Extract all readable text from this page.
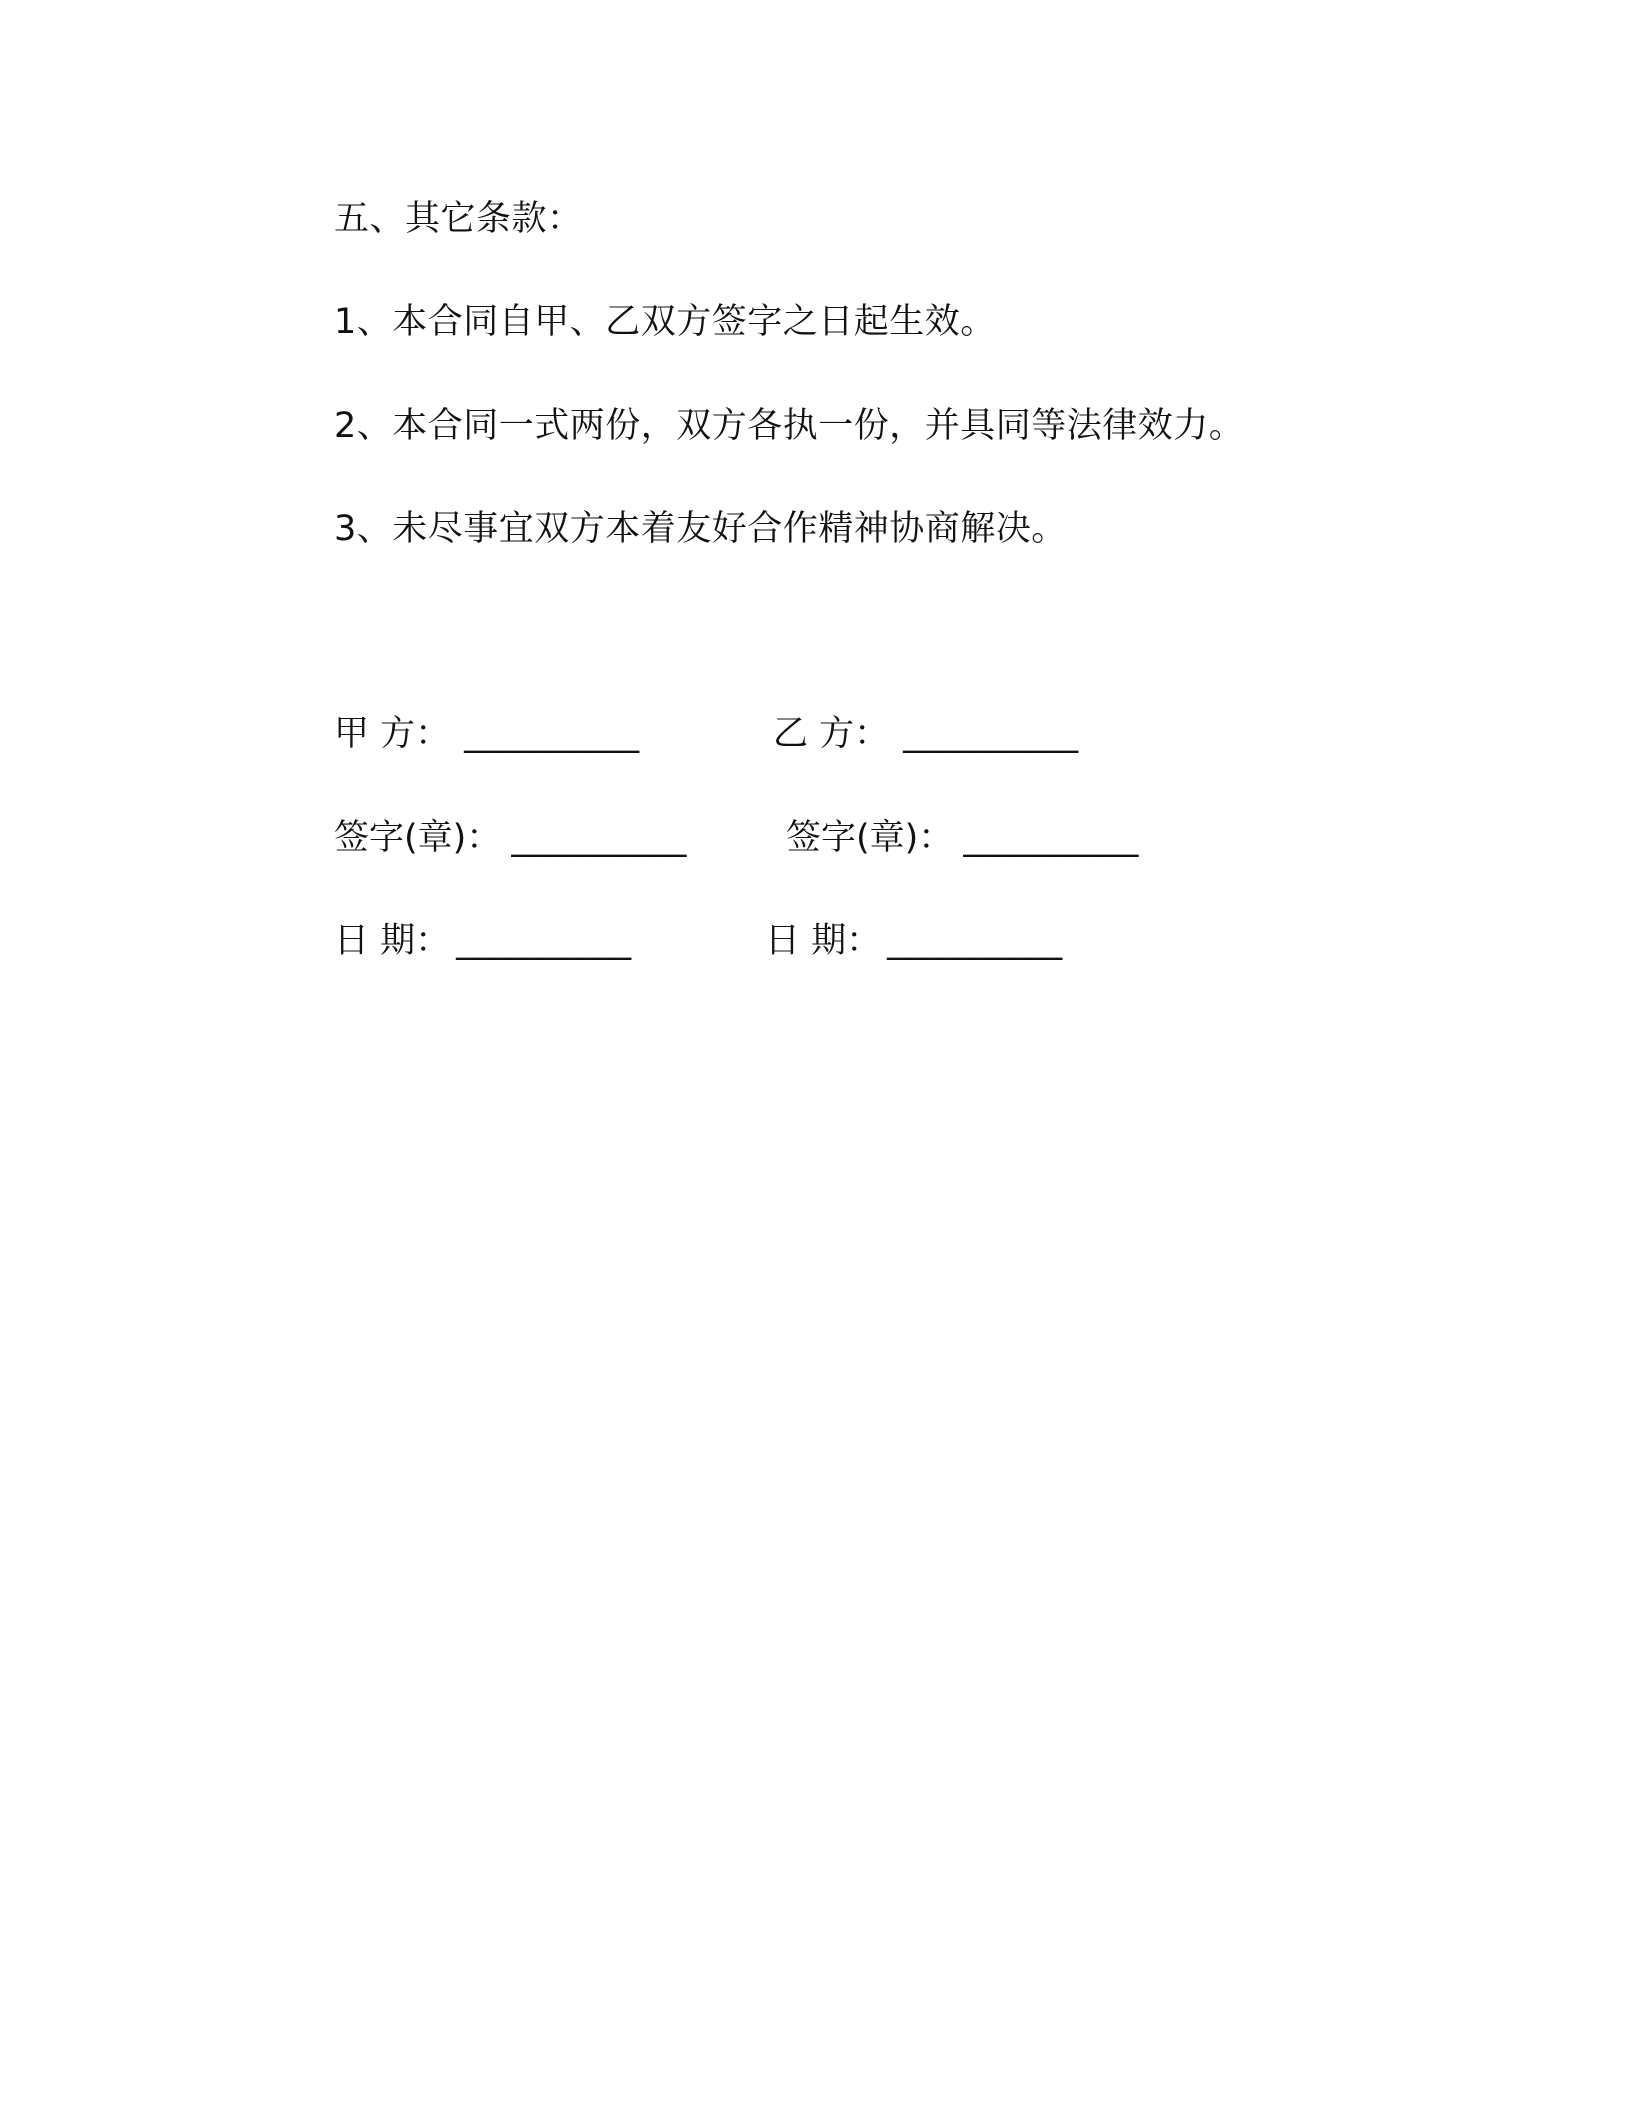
五、其它条款：
1、本合同自甲、乙双方签字之日起生效。
2、本合同一式两份，双方各执一份，并具同等法律效力。
3、未尽事宜双方本着友好合作精神协商解决。
甲 方： __________	乙 方： __________
签字(章)： __________	签字(章)： __________
日 期： __________	日 期： __________
